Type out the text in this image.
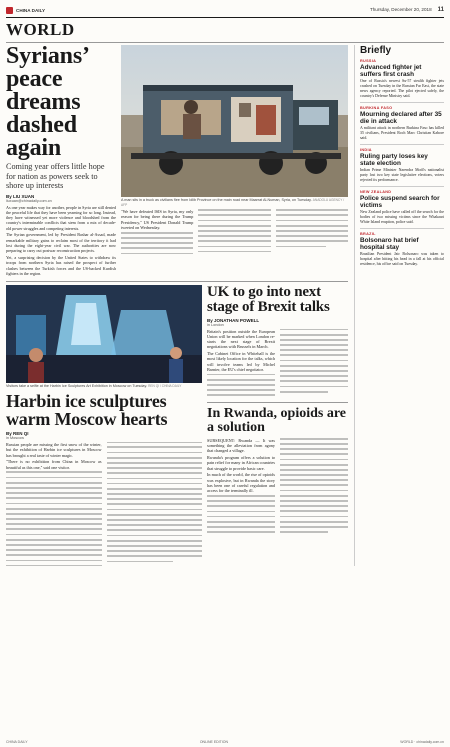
CHINA DAILY	Thursday, December 20, 2018 11
WORLD
Syrians’ peace dreams dashed again
Coming year offers little hope for nation as powers seek to shore up interests
By LIU XUAN
liuxuan@chinadaily.com.cn

As one year makes way for another, people in Syria are still denied the peaceful life that they have been yearning for so long. Instead, they have witnessed yet more violence and bloodshed from the country's interminable conflicts that stem from a mix of decade-old power struggles and competing interests.

The Syrian government, led by President Bashar al-Assad, made remarkable military gains to reclaim most of the territory it had lost during the eight-year civil war. The authorities are now preparing to carry out postwar reconstruction projects.

Yet, a surprising decision by the United States to withdraw its troops from northern Syria has raised the prospect of further clashes between the Turkish forces and the US-backed Kurdish fighters in the region.

A man sits in a truck as civilians flee from Idlib Province on the main road near Maarrat Al-Numan, Syria, on Tuesday. ANADOLU AGENCY / AFP

"We have defeated ISIS in Syria, my only reason for being there during the Trump Presidency," US President Donald Trump tweeted on Wednesday.

Visitors take a selfie at the Harbin Ice Sculptures Art Exhibition in Moscow on Tuesday. REN QI / CHINA DAILY
Harbin ice sculptures warm Moscow hearts
By REN QI
in Moscow

Russian people are missing the first snow of the winter, but the exhibition of Harbin ice sculptures in Moscow has brought a real taste of winter magic.

"There is no exhibition from China in Moscow as beautiful as this one," said one visitor.

UK to go into next stage of Brexit talks
By JONATHAN POWELL
in London

Britain's position outside the European Union will be marked when London re-starts the next stage of Brexit negotiations with Brussels in March.

The Cabinet Office in Whitehall is the most likely location for the talks, which will involve teams led by Michel Barnier, the EU's chief negotiator.

In Rwanda, opioids are a solution

SUBSEQUENT: Rwanda — It was something the alleviation from agony that changed a village.

Rwanda's program offers a solution to pain relief for many in African countries that struggle to provide basic care.

In much of the world, the rise of opioids was explosive, but in Rwanda the story has been one of careful regulation and access for the terminally ill.

Briefly
RUSSIA
Advanced fighter jet suffers first crash
One of Russia's newest Su-57 stealth fighter jets crashed on Tuesday in the Russian Far East, the state news agency reported. The pilot ejected safely, the country's Defense Ministry said.
BURKINA FASO
Mourning declared after 35 die in attack
A militant attack in northern Burkina Faso has killed 35 civilians, President Roch Marc Christian Kabore said.
INDIA
Ruling party loses key state election
Indian Prime Minister Narendra Modi's nationalist party lost two key state legislative elections, voters rejected its performance.
NEW ZEALAND
Police suspend search for victims
New Zealand police have called off the search for the bodies of two missing victims since the Whakaari White Island eruption, police said.
BRAZIL
Bolsonaro hat brief hospital stay
Brazilian President Jair Bolsonaro was taken to hospital after hitting his head in a fall at his official residence, his office said on Tuesday.
CHINA DAILY	ONLINE EDITION	WORLD · chinadaily.com.cn
